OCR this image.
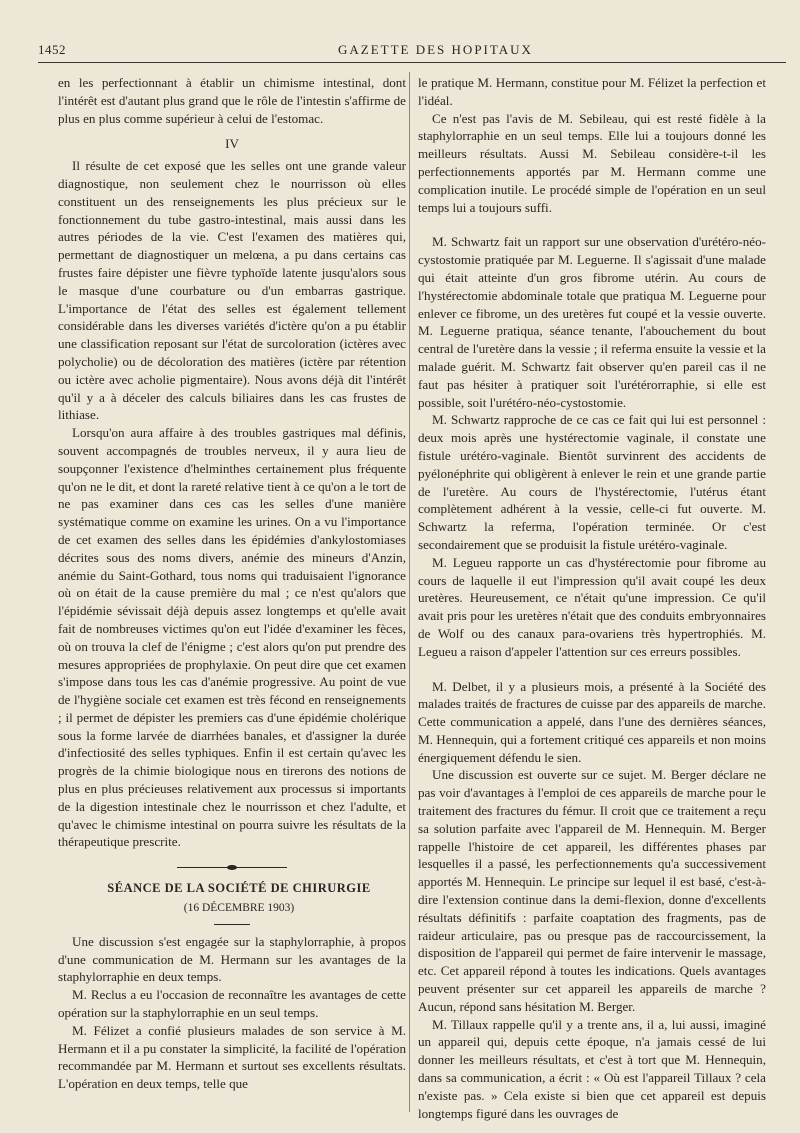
1452	GAZETTE DES HOPITAUX

en les perfectionnant à établir un chimisme intestinal, dont l'intérêt est d'autant plus grand que le rôle de l'intestin s'affirme de plus en plus comme supérieur à celui de l'estomac.

IV

Il résulte de cet exposé que les selles ont une grande valeur diagnostique, non seulement chez le nourrisson où elles constituent un des renseignements les plus précieux sur le fonctionnement du tube gastro-intestinal, mais aussi dans les autres périodes de la vie. C'est l'examen des matières qui, permettant de diagnostiquer un melœna, a pu dans certains cas frustes faire dépister une fièvre typhoïde latente jusqu'alors sous le masque d'une courbature ou d'un embarras gastrique. L'importance de l'état des selles est également tellement considérable dans les diverses variétés d'ictère qu'on a pu établir une classification reposant sur l'état de surcoloration (ictères avec polycholie) ou de décoloration des matières (ictère par rétention ou ictère avec acholie pigmentaire). Nous avons déjà dit l'intérêt qu'il y a à déceler des calculs biliaires dans les cas frustes de lithiase.

Lorsqu'on aura affaire à des troubles gastriques mal définis, souvent accompagnés de troubles nerveux, il y aura lieu de soupçonner l'existence d'helminthes certainement plus fréquente qu'on ne le dit, et dont la rareté relative tient à ce qu'on a le tort de ne pas examiner dans ces cas les selles d'une manière systématique comme on examine les urines. On a vu l'importance de cet examen des selles dans les épidémies d'ankylostomiases décrites sous des noms divers, anémie des mineurs d'Anzin, anémie du Saint-Gothard, tous noms qui traduisaient l'ignorance où on était de la cause première du mal ; ce n'est qu'alors que l'épidémie sévissait déjà depuis assez longtemps et qu'elle avait fait de nombreuses victimes qu'on eut l'idée d'examiner les fèces, où on trouva la clef de l'énigme ; c'est alors qu'on put prendre des mesures appropriées de prophylaxie. On peut dire que cet examen s'impose dans tous les cas d'anémie progressive. Au point de vue de l'hygiène sociale cet examen est très fécond en renseignements ; il permet de dépister les premiers cas d'une épidémie cholérique sous la forme larvée de diarrhées banales, et d'assigner la durée d'infectiosité des selles typhiques. Enfin il est certain qu'avec les progrès de la chimie biologique nous en tirerons des notions de plus en plus précieuses relativement aux processus si importants de la digestion intestinale chez le nourrisson et chez l'adulte, et qu'avec le chimisme intestinal on pourra suivre les résultats de la thérapeutique prescrite.

SÉANCE DE LA SOCIÉTÉ DE CHIRURGIE

(16 DÉCEMBRE 1903)

Une discussion s'est engagée sur la staphylorraphie, à propos d'une communication de M. Hermann sur les avantages de la staphylorraphie en deux temps.

M. Reclus a eu l'occasion de reconnaître les avantages de cette opération sur la staphylorraphie en un seul temps.

M. Félizet a confié plusieurs malades de son service à M. Hermann et il a pu constater la simplicité, la facilité de l'opération recommandée par M. Hermann et surtout ses excellents résultats. L'opération en deux temps, telle que

le pratique M. Hermann, constitue pour M. Félizet la perfection et l'idéal.

Ce n'est pas l'avis de M. Sebileau, qui est resté fidèle à la staphylorraphie en un seul temps. Elle lui a toujours donné les meilleurs résultats. Aussi M. Sebileau considère-t-il les perfectionnements apportés par M. Hermann comme une complication inutile. Le procédé simple de l'opération en un seul temps lui a toujours suffi.

M. Schwartz fait un rapport sur une observation d'urétéro-néo-cystostomie pratiquée par M. Leguerne. Il s'agissait d'une malade qui était atteinte d'un gros fibrome utérin. Au cours de l'hystérectomie abdominale totale que pratiqua M. Leguerne pour enlever ce fibrome, un des uretères fut coupé et la vessie ouverte. M. Leguerne pratiqua, séance tenante, l'abouchement du bout central de l'uretère dans la vessie ; il referma ensuite la vessie et la malade guérit. M. Schwartz fait observer qu'en pareil cas il ne faut pas hésiter à pratiquer soit l'urétérorraphie, si elle est possible, soit l'urétéro-néo-cystostomie.

M. Schwartz rapproche de ce cas ce fait qui lui est personnel : deux mois après une hystérectomie vaginale, il constate une fistule urétéro-vaginale. Bientôt survinrent des accidents de pyélonéphrite qui obligèrent à enlever le rein et une grande partie de l'uretère. Au cours de l'hystérectomie, l'utérus étant complètement adhérent à la vessie, celle-ci fut ouverte. M. Schwartz la referma, l'opération terminée. Or c'est secondairement que se produisit la fistule urétéro-vaginale.

M. Legueu rapporte un cas d'hystérectomie pour fibrome au cours de laquelle il eut l'impression qu'il avait coupé les deux uretères. Heureusement, ce n'était qu'une impression. Ce qu'il avait pris pour les uretères n'était que des conduits embryonnaires de Wolf ou des canaux para-ovariens très hypertrophiés. M. Legueu a raison d'appeler l'attention sur ces erreurs possibles.

M. Delbet, il y a plusieurs mois, a présenté à la Société des malades traités de fractures de cuisse par des appareils de marche. Cette communication a appelé, dans l'une des dernières séances, M. Hennequin, qui a fortement critiqué ces appareils et non moins énergiquement défendu le sien.

Une discussion est ouverte sur ce sujet. M. Berger déclare ne pas voir d'avantages à l'emploi de ces appareils de marche pour le traitement des fractures du fémur. Il croit que ce traitement a reçu sa solution parfaite avec l'appareil de M. Hennequin. M. Berger rappelle l'histoire de cet appareil, les différentes phases par lesquelles il a passé, les perfectionnements qu'a successivement apportés M. Hennequin. Le principe sur lequel il est basé, c'est-à-dire l'extension continue dans la demi-flexion, donne d'excellents résultats définitifs : parfaite coaptation des fragments, pas de raideur articulaire, pas ou presque pas de raccourcissement, la disposition de l'appareil qui permet de faire intervenir le massage, etc. Cet appareil répond à toutes les indications. Quels avantages peuvent présenter sur cet appareil les appareils de marche ? Aucun, répond sans hésitation M. Berger.

M. Tillaux rappelle qu'il y a trente ans, il a, lui aussi, imaginé un appareil qui, depuis cette époque, n'a jamais cessé de lui donner les meilleurs résultats, et c'est à tort que M. Hennequin, dans sa communication, a écrit : « Où est l'appareil Tillaux ? cela n'existe pas. » Cela existe si bien que cet appareil est depuis longtemps figuré dans les ouvrages de
